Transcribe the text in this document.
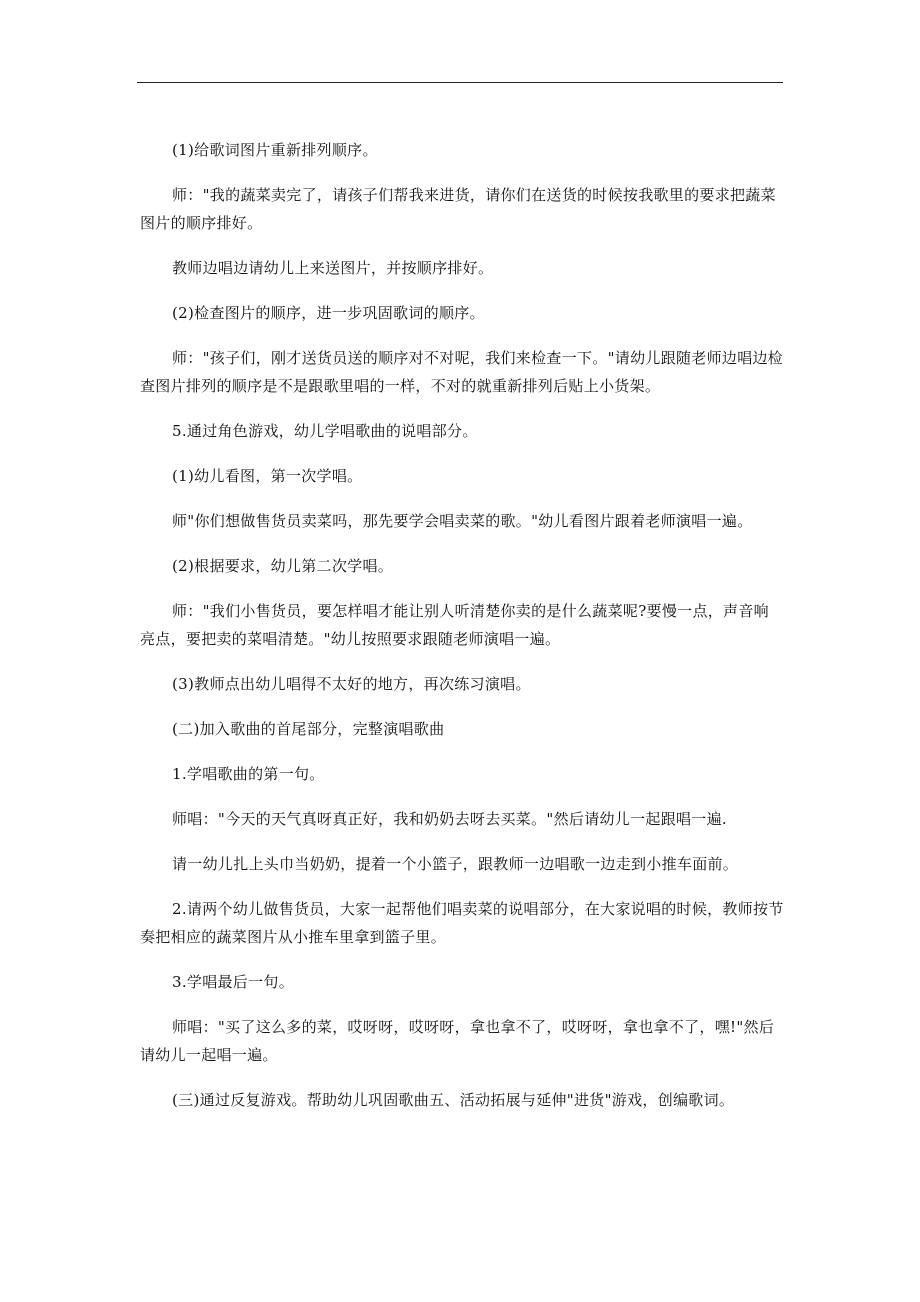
(1)给歌词图片重新排列顺序。

师："我的蔬菜卖完了，请孩子们帮我来进货，请你们在送货的时候按我歌里的要求把蔬菜图片的顺序排好。

教师边唱边请幼儿上来送图片，并按顺序排好。

(2)检查图片的顺序，进一步巩固歌词的顺序。

师："孩子们，刚才送货员送的顺序对不对呢，我们来检查一下。"请幼儿跟随老师边唱边检查图片排列的顺序是不是跟歌里唱的一样，不对的就重新排列后贴上小货架。

5.通过角色游戏，幼儿学唱歌曲的说唱部分。

(1)幼儿看图，第一次学唱。

师"你们想做售货员卖菜吗，那先要学会唱卖菜的歌。"幼儿看图片跟着老师演唱一遍。

(2)根据要求，幼儿第二次学唱。

师："我们小售货员，要怎样唱才能让别人听清楚你卖的是什么蔬菜呢?要慢一点，声音响亮点，要把卖的菜唱清楚。"幼儿按照要求跟随老师演唱一遍。

(3)教师点出幼儿唱得不太好的地方，再次练习演唱。

(二)加入歌曲的首尾部分，完整演唱歌曲

1.学唱歌曲的第一句。

师唱："今天的天气真呀真正好，我和奶奶去呀去买菜。"然后请幼儿一起跟唱一遍.

请一幼儿扎上头巾当奶奶，提着一个小篮子，跟教师一边唱歌一边走到小推车面前。

2.请两个幼儿做售货员，大家一起帮他们唱卖菜的说唱部分，在大家说唱的时候，教师按节奏把相应的蔬菜图片从小推车里拿到篮子里。

3.学唱最后一句。

师唱："买了这么多的菜，哎呀呀，哎呀呀，拿也拿不了，哎呀呀，拿也拿不了，嘿!"然后请幼儿一起唱一遍。

(三)通过反复游戏。帮助幼儿巩固歌曲五、活动拓展与延伸"进货"游戏，创编歌词。
